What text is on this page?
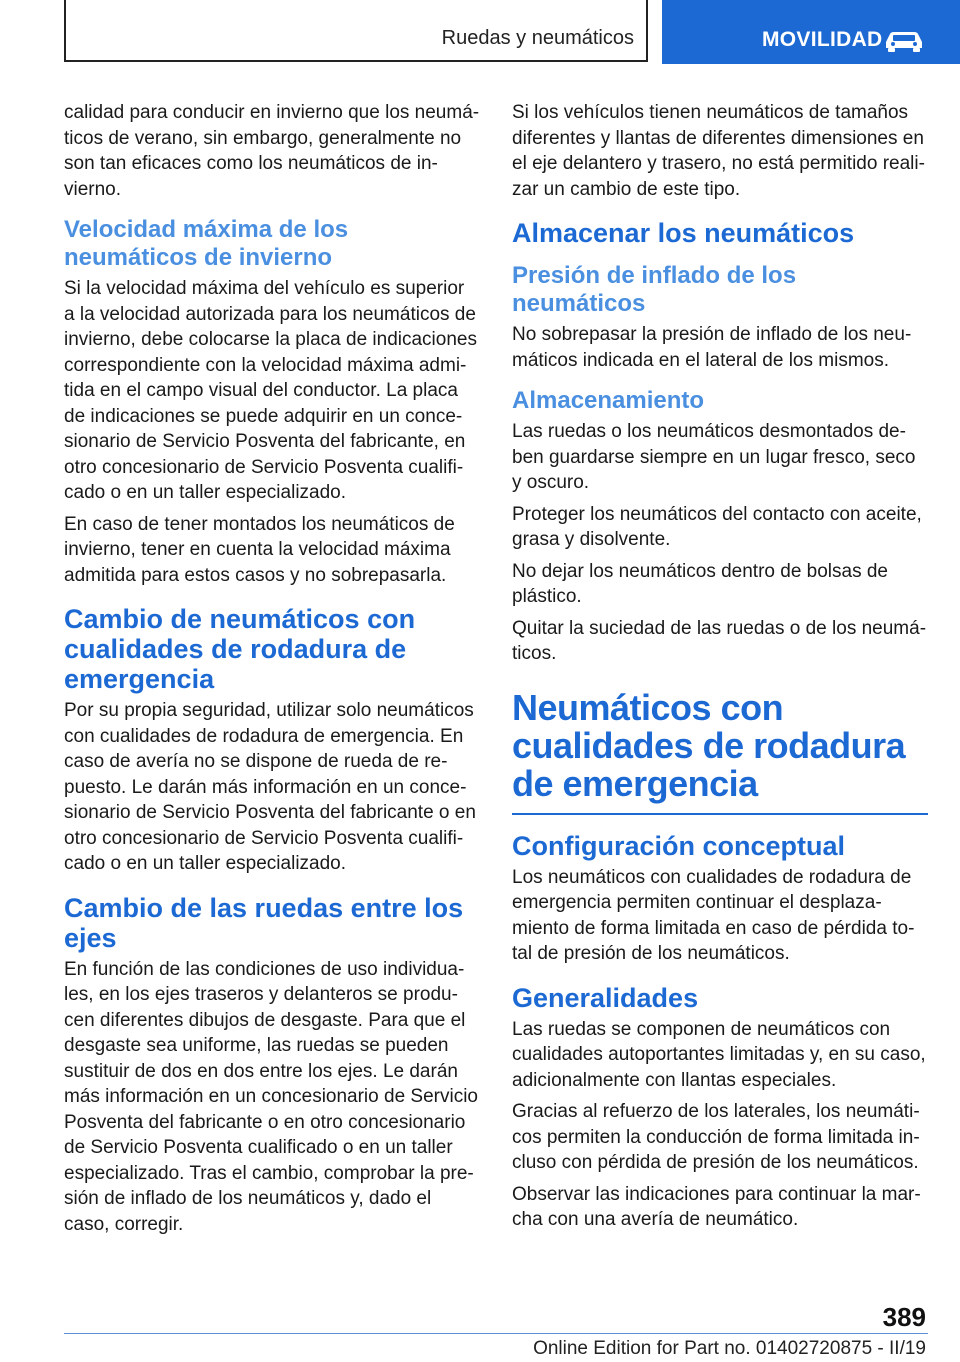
Ruedas y neumáticos	MOVILIDAD

calidad para conducir en invierno que los neumáticos de verano, sin embargo, generalmente no son tan eficaces como los neumáticos de invierno.

Velocidad máxima de los neumáticos de invierno

Si la velocidad máxima del vehículo es superior a la velocidad autorizada para los neumáticos de invierno, debe colocarse la placa de indicaciones correspondiente con la velocidad máxima admitida en el campo visual del conductor. La placa de indicaciones se puede adquirir en un concesionario de Servicio Posventa del fabricante, en otro concesionario de Servicio Posventa cualificado o en un taller especializado.

En caso de tener montados los neumáticos de invierno, tener en cuenta la velocidad máxima admitida para estos casos y no sobrepasarla.

Cambio de neumáticos con cualidades de rodadura de emergencia

Por su propia seguridad, utilizar solo neumáticos con cualidades de rodadura de emergencia. En caso de avería no se dispone de rueda de repuesto. Le darán más información en un concesionario de Servicio Posventa del fabricante o en otro concesionario de Servicio Posventa cualificado o en un taller especializado.

Cambio de las ruedas entre los ejes

En función de las condiciones de uso individuales, en los ejes traseros y delanteros se producen diferentes dibujos de desgaste. Para que el desgaste sea uniforme, las ruedas se pueden sustituir de dos en dos entre los ejes. Le darán más información en un concesionario de Servicio Posventa del fabricante o en otro concesionario de Servicio Posventa cualificado o en un taller especializado. Tras el cambio, comprobar la presión de inflado de los neumáticos y, dado el caso, corregir.

Si los vehículos tienen neumáticos de tamaños diferentes y llantas de diferentes dimensiones en el eje delantero y trasero, no está permitido realizar un cambio de este tipo.

Almacenar los neumáticos
Presión de inflado de los neumáticos

No sobrepasar la presión de inflado de los neumáticos indicada en el lateral de los mismos.

Almacenamiento

Las ruedas o los neumáticos desmontados deben guardarse siempre en un lugar fresco, seco y oscuro.

Proteger los neumáticos del contacto con aceite, grasa y disolvente.

No dejar los neumáticos dentro de bolsas de plástico.

Quitar la suciedad de las ruedas o de los neumáticos.

Neumáticos con cualidades de rodadura de emergencia
Configuración conceptual

Los neumáticos con cualidades de rodadura de emergencia permiten continuar el desplazamiento de forma limitada en caso de pérdida total de presión de los neumáticos.

Generalidades

Las ruedas se componen de neumáticos con cualidades autoportantes limitadas y, en su caso, adicionalmente con llantas especiales.

Gracias al refuerzo de los laterales, los neumáticos permiten la conducción de forma limitada incluso con pérdida de presión de los neumáticos.

Observar las indicaciones para continuar la marcha con una avería de neumático.

389
Online Edition for Part no. 01402720875 - II/19
